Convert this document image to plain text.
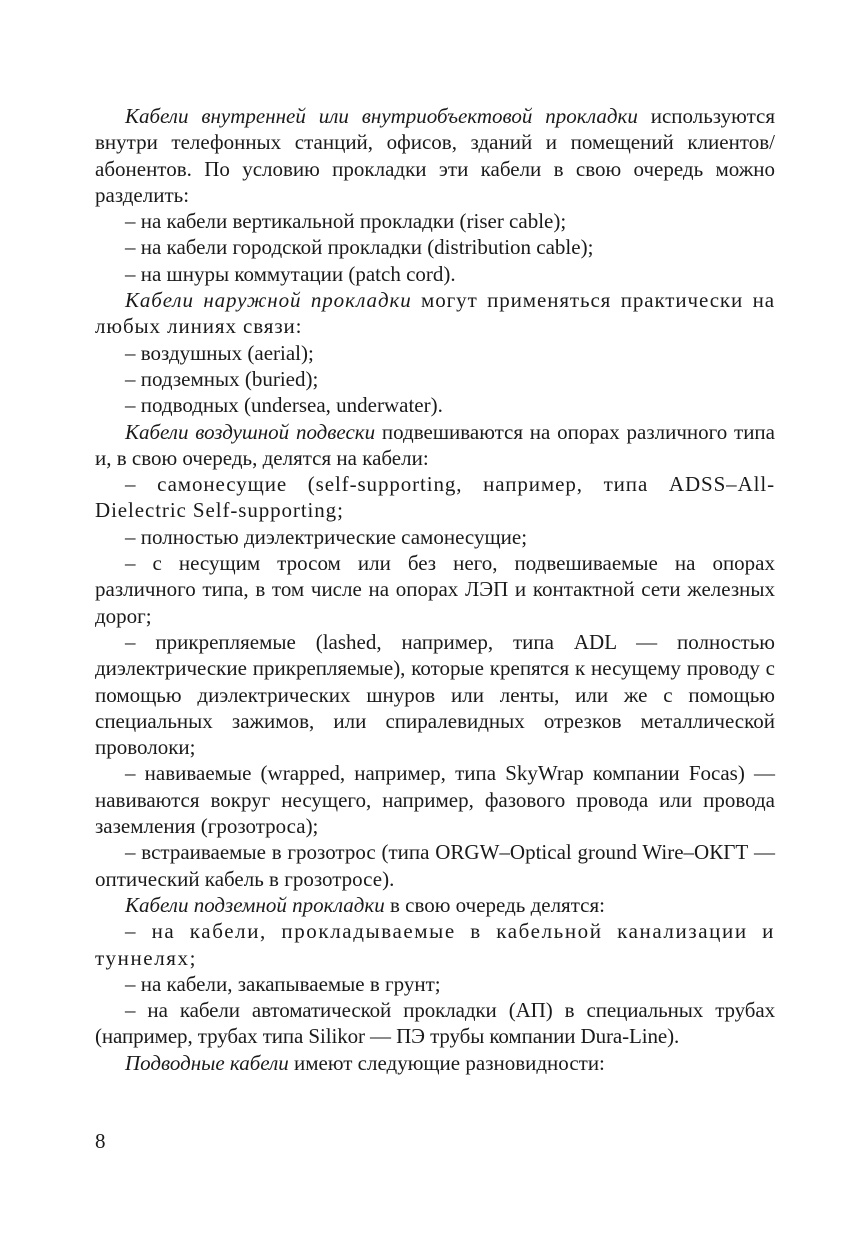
Кабели внутренней или внутриобъектовой прокладки используются внутри телефонных станций, офисов, зданий и помещений клиентов/абонентов. По условию прокладки эти кабели в свою очередь можно разделить:

– на кабели вертикальной прокладки (riser cable);

– на кабели городской прокладки (distribution cable);

– на шнуры коммутации (patch cord).

Кабели наружной прокладки могут применяться практически на любых линиях связи:

– воздушных (aerial);

– подземных (buried);

– подводных (undersea, underwater).

Кабели воздушной подвески подвешиваются на опорах различного типа и, в свою очередь, делятся на кабели:

– самонесущие (self-supporting, например, типа ADSS–All-Dielectric Self-supporting;

– полностью диэлектрические самонесущие;

– с несущим тросом или без него, подвешиваемые на опорах различного типа, в том числе на опорах ЛЭП и контактной сети железных дорог;

– прикрепляемые (lashed, например, типа ADL — полностью диэлектрические прикрепляемые), которые крепятся к несущему проводу с помощью диэлектрических шнуров или ленты, или же с помощью специальных зажимов, или спиралевидных отрезков металлической проволоки;

– навиваемые (wrapped, например, типа SkyWrap компании Focas) — навиваются вокруг несущего, например, фазового провода или провода заземления (грозотроса);

– встраиваемые в грозотрос (типа ORGW–Optical ground Wire–ОКГТ — оптический кабель в грозотросе).

Кабели подземной прокладки в свою очередь делятся:

– на кабели, прокладываемые в кабельной канализации и туннелях;

– на кабели, закапываемые в грунт;

– на кабели автоматической прокладки (АП) в специальных трубах (например, трубах типа Silikor — ПЭ трубы компании Dura-Line).

Подводные кабели имеют следующие разновидности:

8
